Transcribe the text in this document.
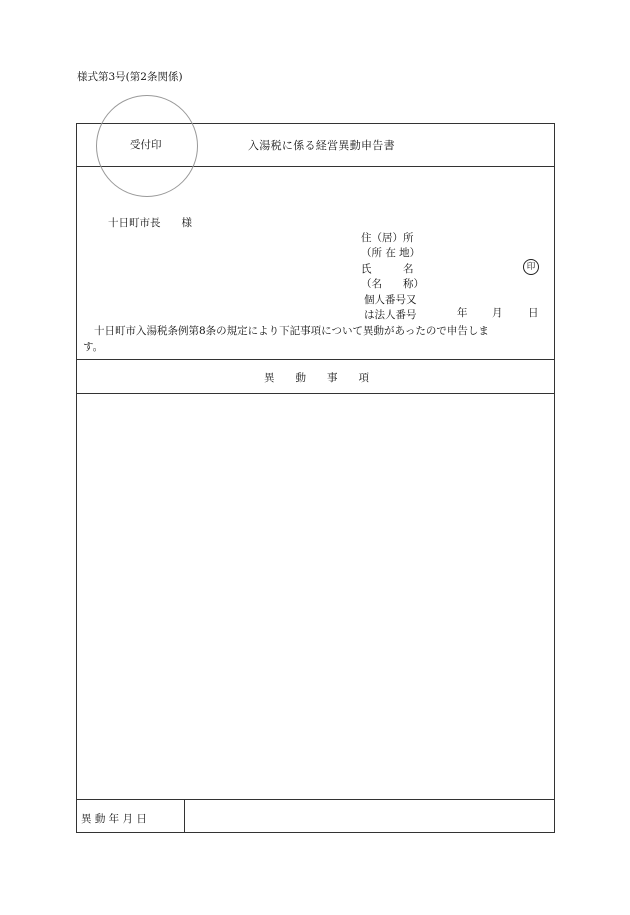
様式第3号(第2条関係)
年 月 日
十日町市長　　様
住（居）所
（所 在 地）
氏　　　名
（名　　称）
個人番号又
は法人番号
十日町市入湯税条例第8条の規定により下記事項について異動があったので申告しま
す。
異　　動　　事　　項
異 動 年 月 日
受付印	入湯税に係る経営異動申告書
印
